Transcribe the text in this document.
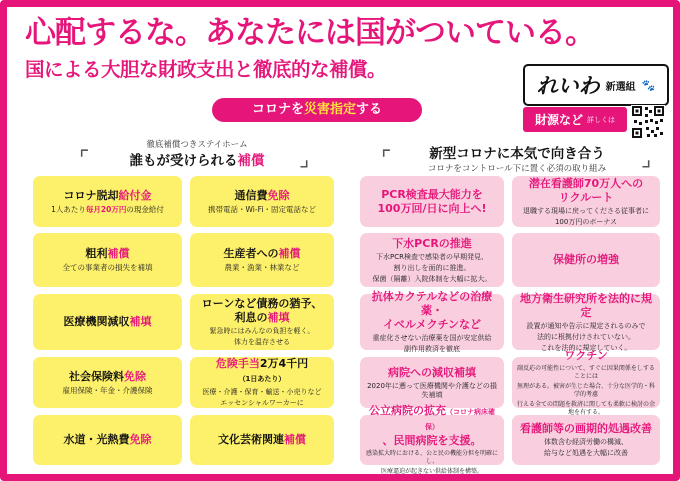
心配するな。あなたには国がついている。
国による大胆な財政支出と徹底的な補償。
コロナを災害指定する
れいわ 新選組 🐾
財源など 詳しくは
⌜
徹底補償つきステイホーム
誰もが受けられる補償	⌟	⌜	新型コロナに本気で向き合う
コロナをコントロール下に置く必須の取り組み	⌟
コロナ脱却給付金
1人あたり毎月20万円の現金給付
通信費免除
携帯電話・Wi-Fi・固定電話など
粗利補償
全ての事業者の損失を補填
生産者への補償
農業・漁業・林業など
医療機関減収補填
ローンなど債務の猶予、
利息の補填
緊急時にはみんなの負担を軽く。
体力を温存させる
社会保険料免除
雇用保険・年金・介護保険
危険手当2万4千円（1日あたり）
医療・介護・保育・輸送・小売りなど
エッセンシャルワーカーに
水道・光熱費免除	文化芸術関連補償
PCR検査最大能力を
100万回/日に向上へ!
潜在看護師70万人への
リクルート
退職する現場に戻ってくださる従事者に
100万円のボーナス
下水PCRの推進
下水PCR検査で感染者の早期発見、
割り出しを面的に推進。
保菌（隔離）入院体制を大幅に拡大。
保健所の増強
抗体カクテルなどの治療薬・
イベルメクチンなど
重症化させない治療薬を国が安定供給
副作用救済を徹底
地方衛生研究所を法的に規定
設置が通知や告示に規定されるのみで
法的に根拠付けされていない。
これを法的に規定していく。
病院への減収補填
2020年に遡って医療機関や介護などの損失補填
ワクチン
副反応の可能性について、すぐに因果関係をしすることには
無理がある。被害が生じた場合、十分な医学的・科学的考慮
行える全ての問題を救済に関しても柔軟に検討の余地を有する。
公立病院の拡充（コロナ病床確保）
、民間病院を支援。
感染拡大時における、公と民の機能分担を明確にし、
医療逼迫が起きない供給体制を構築。
看護師等の画期的処遇改善
体数含む経済労働の構減、
給与など処遇を大幅に改善
